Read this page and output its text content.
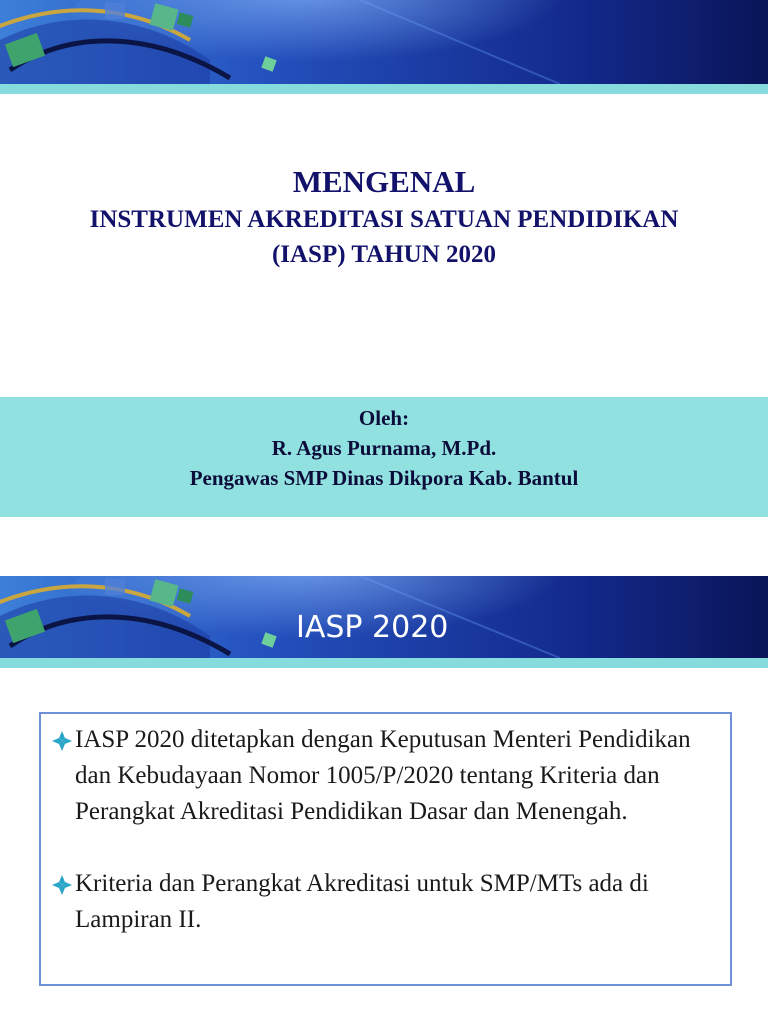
MENGENAL
INSTRUMEN AKREDITASI SATUAN PENDIDIKAN
(IASP) TAHUN 2020
Oleh:
R. Agus Purnama, M.Pd.
Pengawas SMP Dinas Dikpora Kab. Bantul
IASP 2020
IASP 2020 ditetapkan dengan Keputusan Menteri Pendidikan dan Kebudayaan Nomor 1005/P/2020 tentang Kriteria dan Perangkat Akreditasi Pendidikan Dasar dan Menengah.
Kriteria dan Perangkat Akreditasi untuk SMP/MTs ada di Lampiran II.
